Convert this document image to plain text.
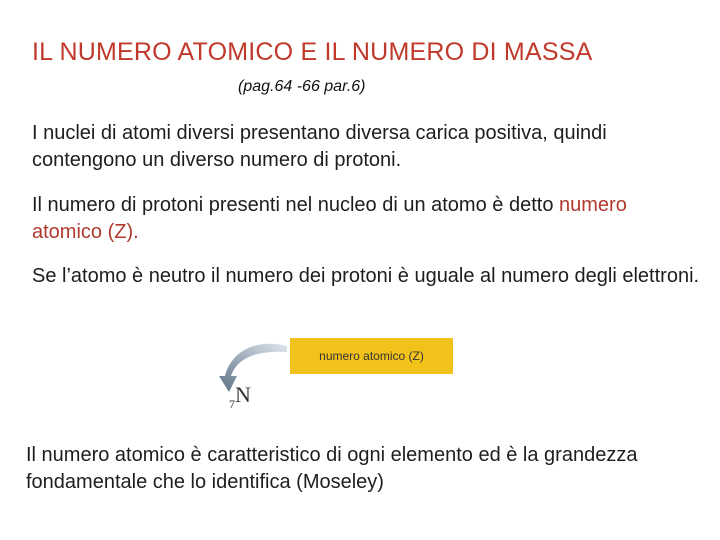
IL NUMERO ATOMICO E IL NUMERO DI MASSA
(pag.64 -66 par.6)
I nuclei di atomi diversi presentano diversa carica positiva, quindi contengono un diverso numero di protoni.
Il numero di protoni presenti nel nucleo di un atomo è detto numero atomico (Z).
Se l’atomo è neutro il numero dei protoni è uguale al numero degli elettroni.
numero atomico (Z)
$_7$N
Il numero atomico è caratteristico di ogni elemento ed è la grandezza fondamentale che lo identifica (Moseley)
